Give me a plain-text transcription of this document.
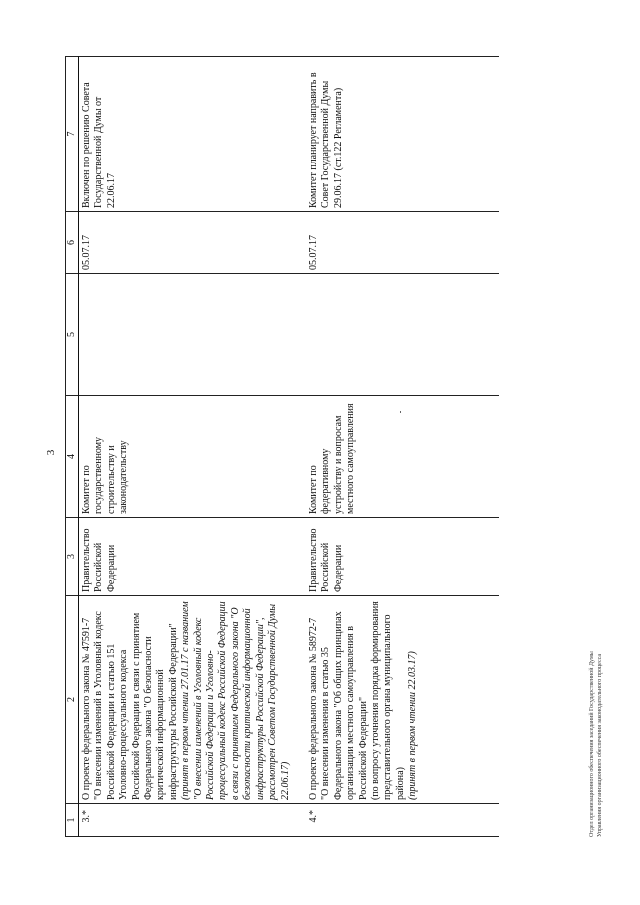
3
1	2	3	4	5	6	7
3.*	О проекте федерального закона № 47591-7
"О внесении изменений в Уголовный кодекс Российской Федерации и статью 151 Уголовно-процессуального кодекса Российской Федерации в связи с принятием Федерального закона "О безопасности критической информационной инфраструктуры Российской Федерации" (принят в первом чтении 27.01.17 с названием "О внесении изменений в Уголовный кодекс Российской Федерации и Уголовно-процессуальный кодекс Российской Федерации в связи с принятием Федерального закона "О безопасности критической информационной инфраструктуры Российской Федерации", рассмотрен Советом Государственной Думы 22.06.17)	Правительство Российской Федерации	Комитет по государственному строительству и законодательству		05.07.17	Включен по решению Совета Государственной Думы от 22.06.17
4.*	О проекте федерального закона № 58972-7
"О внесении изменения в статью 35 Федерального закона "Об общих принципах организации местного самоуправления в Российской Федерации"
(по вопросу уточнения порядка формирования представительного органа муниципального района) (принят в первом чтении 22.03.17)	Правительство Российской Федерации	Комитет по федеративному устройству и вопросам местного самоуправления		05.07.17	Комитет планирует направить в Совет Государственной Думы 29.06.17 (ст.122 Регламента)
Отдел организационного обеспечения заседаний Государственной Думы Управления организационного обеспечения законодательного процесса
